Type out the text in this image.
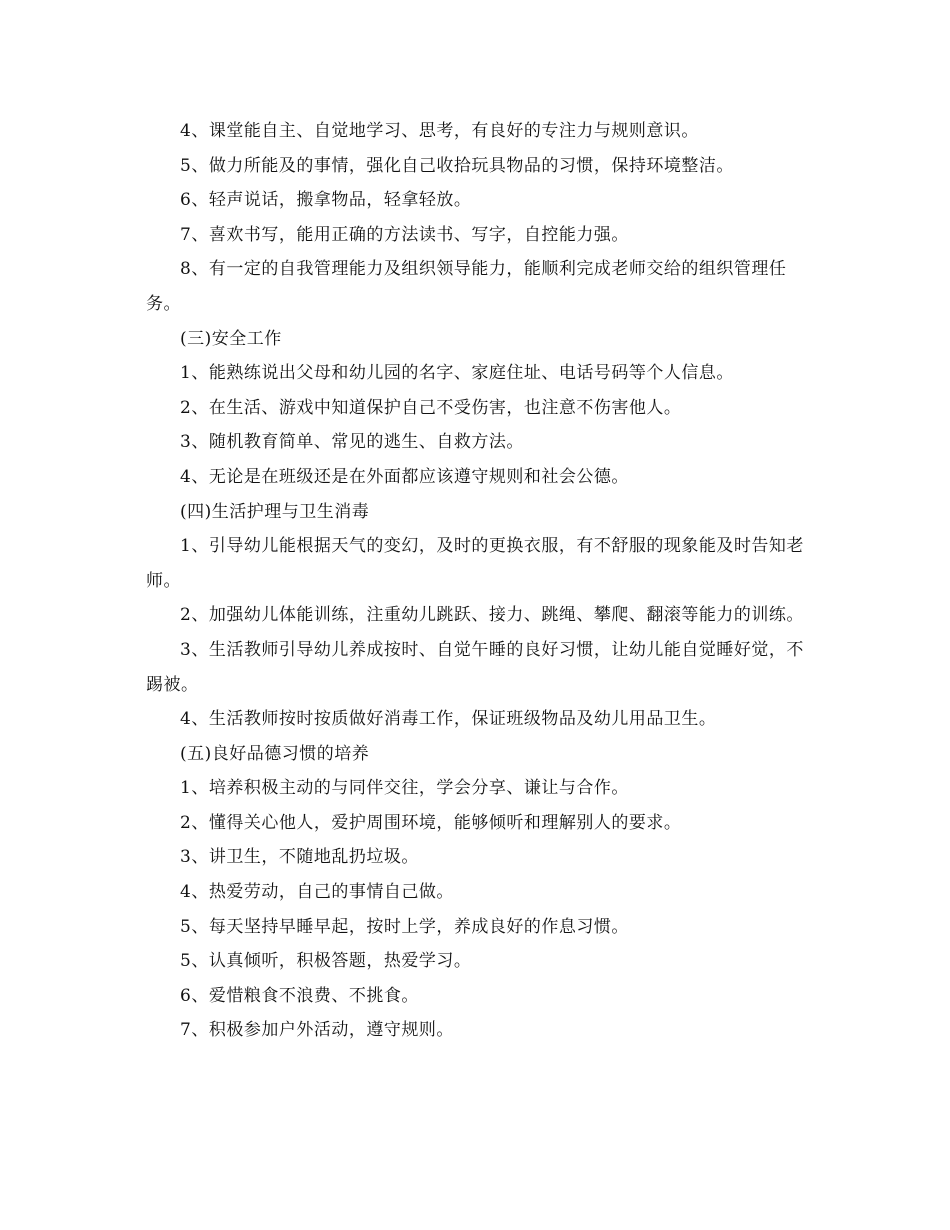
4、课堂能自主、自觉地学习、思考，有良好的专注力与规则意识。

5、做力所能及的事情，强化自己收拾玩具物品的习惯，保持环境整洁。

6、轻声说话，搬拿物品，轻拿轻放。

7、喜欢书写，能用正确的方法读书、写字，自控能力强。

8、有一定的自我管理能力及组织领导能力，能顺利完成老师交给的组织管理任务。

(三)安全工作

1、能熟练说出父母和幼儿园的名字、家庭住址、电话号码等个人信息。

2、在生活、游戏中知道保护自己不受伤害，也注意不伤害他人。

3、随机教育简单、常见的逃生、自救方法。

4、无论是在班级还是在外面都应该遵守规则和社会公德。

(四)生活护理与卫生消毒

1、引导幼儿能根据天气的变幻，及时的更换衣服，有不舒服的现象能及时告知老师。

2、加强幼儿体能训练，注重幼儿跳跃、接力、跳绳、攀爬、翻滚等能力的训练。

3、生活教师引导幼儿养成按时、自觉午睡的良好习惯，让幼儿能自觉睡好觉，不踢被。

4、生活教师按时按质做好消毒工作，保证班级物品及幼儿用品卫生。

(五)良好品德习惯的培养

1、培养积极主动的与同伴交往，学会分享、谦让与合作。

2、懂得关心他人，爱护周围环境，能够倾听和理解别人的要求。

3、讲卫生，不随地乱扔垃圾。

4、热爱劳动，自己的事情自己做。

5、每天坚持早睡早起，按时上学，养成良好的作息习惯。

5、认真倾听，积极答题，热爱学习。

6、爱惜粮食不浪费、不挑食。

7、积极参加户外活动，遵守规则。
